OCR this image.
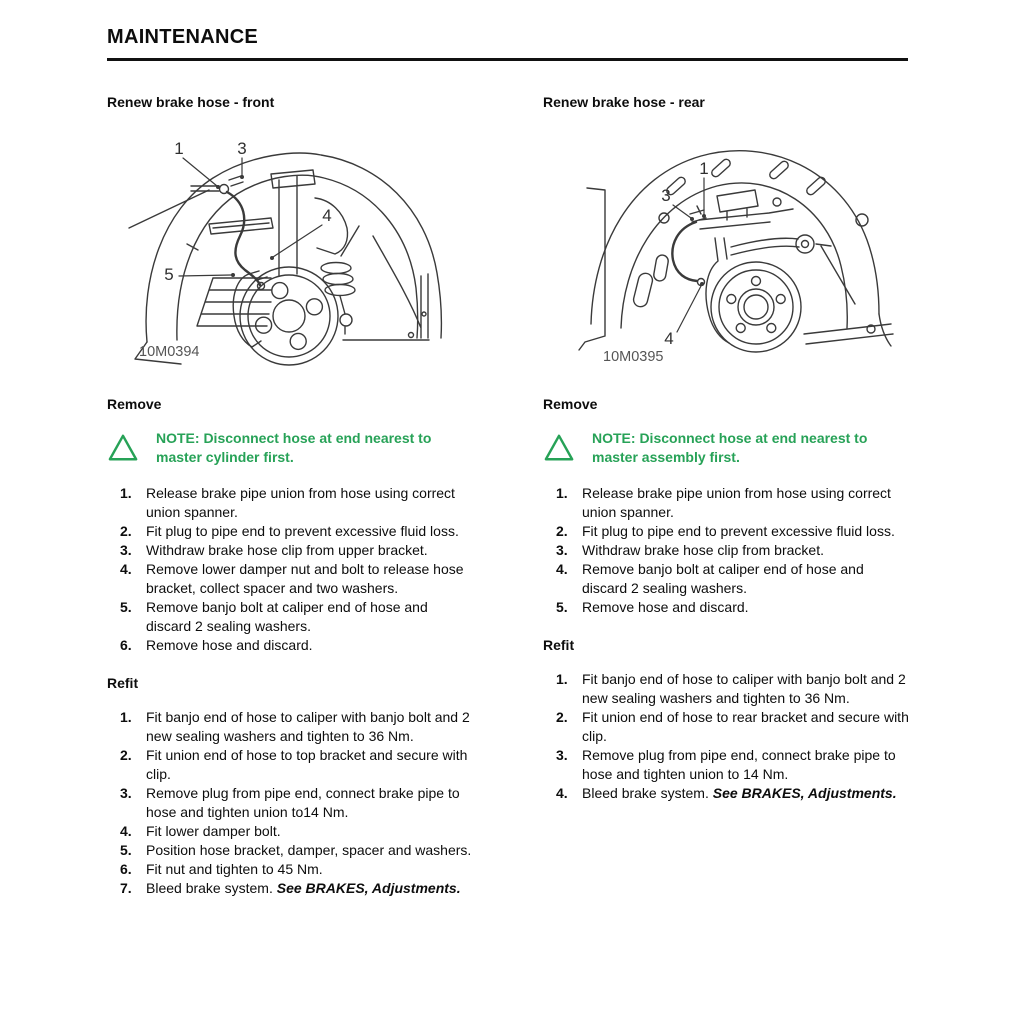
MAINTENANCE
Renew brake hose - front
1	3
4
5
10M0394
Remove

NOTE: Disconnect hose at end nearest to master cylinder first.

1.	Release brake pipe union from hose using correct union spanner.
2.	Fit plug to pipe end to prevent excessive fluid loss.
3.	Withdraw brake hose clip from upper bracket.
4.	Remove lower damper nut and bolt to release hose bracket, collect spacer and two washers.
5.	Remove banjo bolt at caliper end of hose and discard 2 sealing washers.
6.	Remove hose and discard.
Refit
1.	Fit banjo end of hose to caliper with banjo bolt and 2 new sealing washers and tighten to 36 Nm.
2.	Fit union end of hose to top bracket and secure with clip.
3.	Remove plug from pipe end, connect brake pipe to hose and tighten union to14 Nm.
4.	Fit lower damper bolt.
5.	Position hose bracket, damper, spacer and washers.
6.	Fit nut and tighten to 45 Nm.
7.	Bleed brake system. See BRAKES, Adjustments.
Renew brake hose - rear
1
3
4
10M0395
Remove

NOTE: Disconnect hose at end nearest to master assembly first.

1.	Release brake pipe union from hose using correct union spanner.
2.	Fit plug to pipe end to prevent excessive fluid loss.
3.	Withdraw brake hose clip from bracket.
4.	Remove banjo bolt at caliper end of hose and discard 2 sealing washers.
5.	Remove hose and discard.
Refit
1.	Fit banjo end of hose to caliper with banjo bolt and 2 new sealing washers and tighten to 36 Nm.
2.	Fit union end of hose to rear bracket and secure with clip.
3.	Remove plug from pipe end, connect brake pipe to hose and tighten union to 14 Nm.
4.	Bleed brake system. See BRAKES, Adjustments.
